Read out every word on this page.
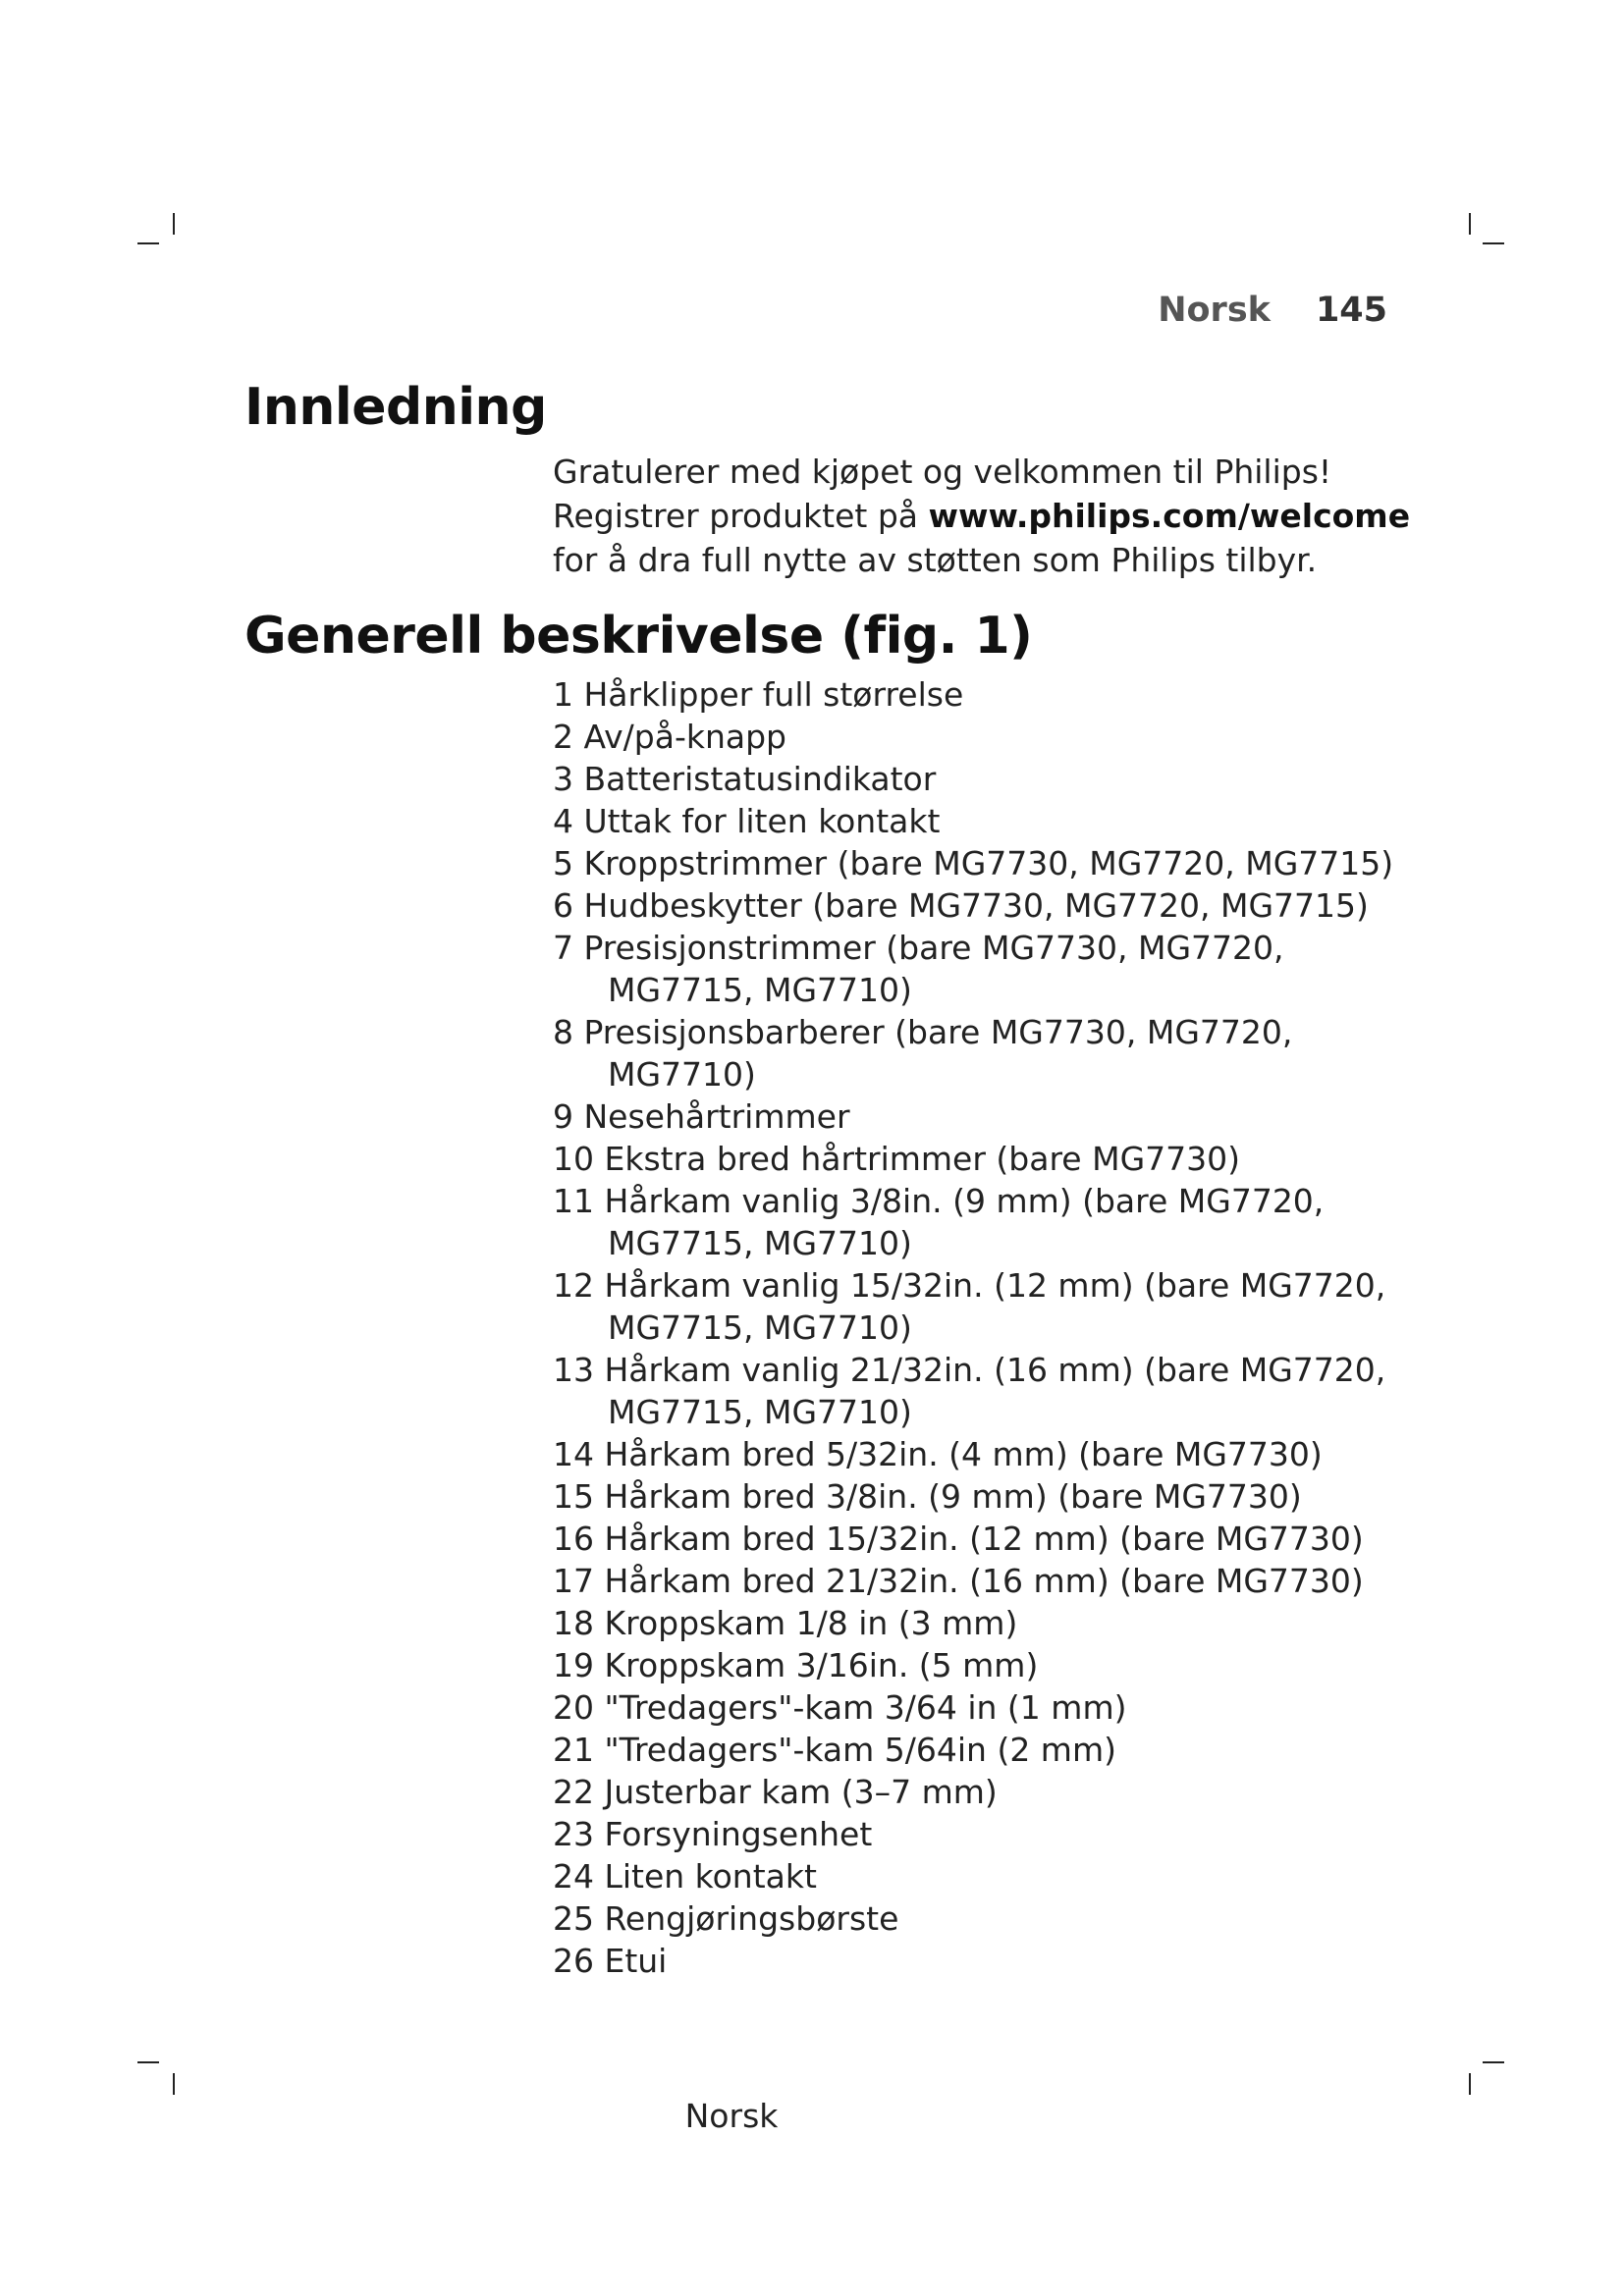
Norsk 145
Innledning

Gratulerer med kjøpet og velkommen til Philips!

Registrer produktet på www.philips.com/welcome

for å dra full nytte av støtten som Philips tilbyr.

Generell beskrivelse (fig. 1)
1 Hårklipper full størrelse
2 Av/på-knapp
3 Batteristatusindikator
4 Uttak for liten kontakt
5 Kroppstrimmer (bare MG7730, MG7720, MG7715)
6 Hudbeskytter (bare MG7730, MG7720, MG7715)
7 Presisjonstrimmer (bare MG7730, MG7720, MG7715, MG7710)
8 Presisjonsbarberer (bare MG7730, MG7720, MG7710)
9 Nesehårtrimmer
10 Ekstra bred hårtrimmer (bare MG7730)
11 Hårkam vanlig 3/8in. (9 mm) (bare MG7720, MG7715, MG7710)
12 Hårkam vanlig 15/32in. (12 mm) (bare MG7720, MG7715, MG7710)
13 Hårkam vanlig 21/32in. (16 mm) (bare MG7720, MG7715, MG7710)
14 Hårkam bred 5/32in. (4 mm) (bare MG7730)
15 Hårkam bred 3/8in. (9 mm) (bare MG7730)
16 Hårkam bred 15/32in. (12 mm) (bare MG7730)
17 Hårkam bred 21/32in. (16 mm) (bare MG7730)
18 Kroppskam 1/8 in (3 mm)
19 Kroppskam 3/16in. (5 mm)
20 "Tredagers"-kam 3/64 in (1 mm)
21 "Tredagers"-kam 5/64in (2 mm)
22 Justerbar kam (3–7 mm)
23 Forsyningsenhet
24 Liten kontakt
25 Rengjøringsbørste
26 Etui
Norsk
